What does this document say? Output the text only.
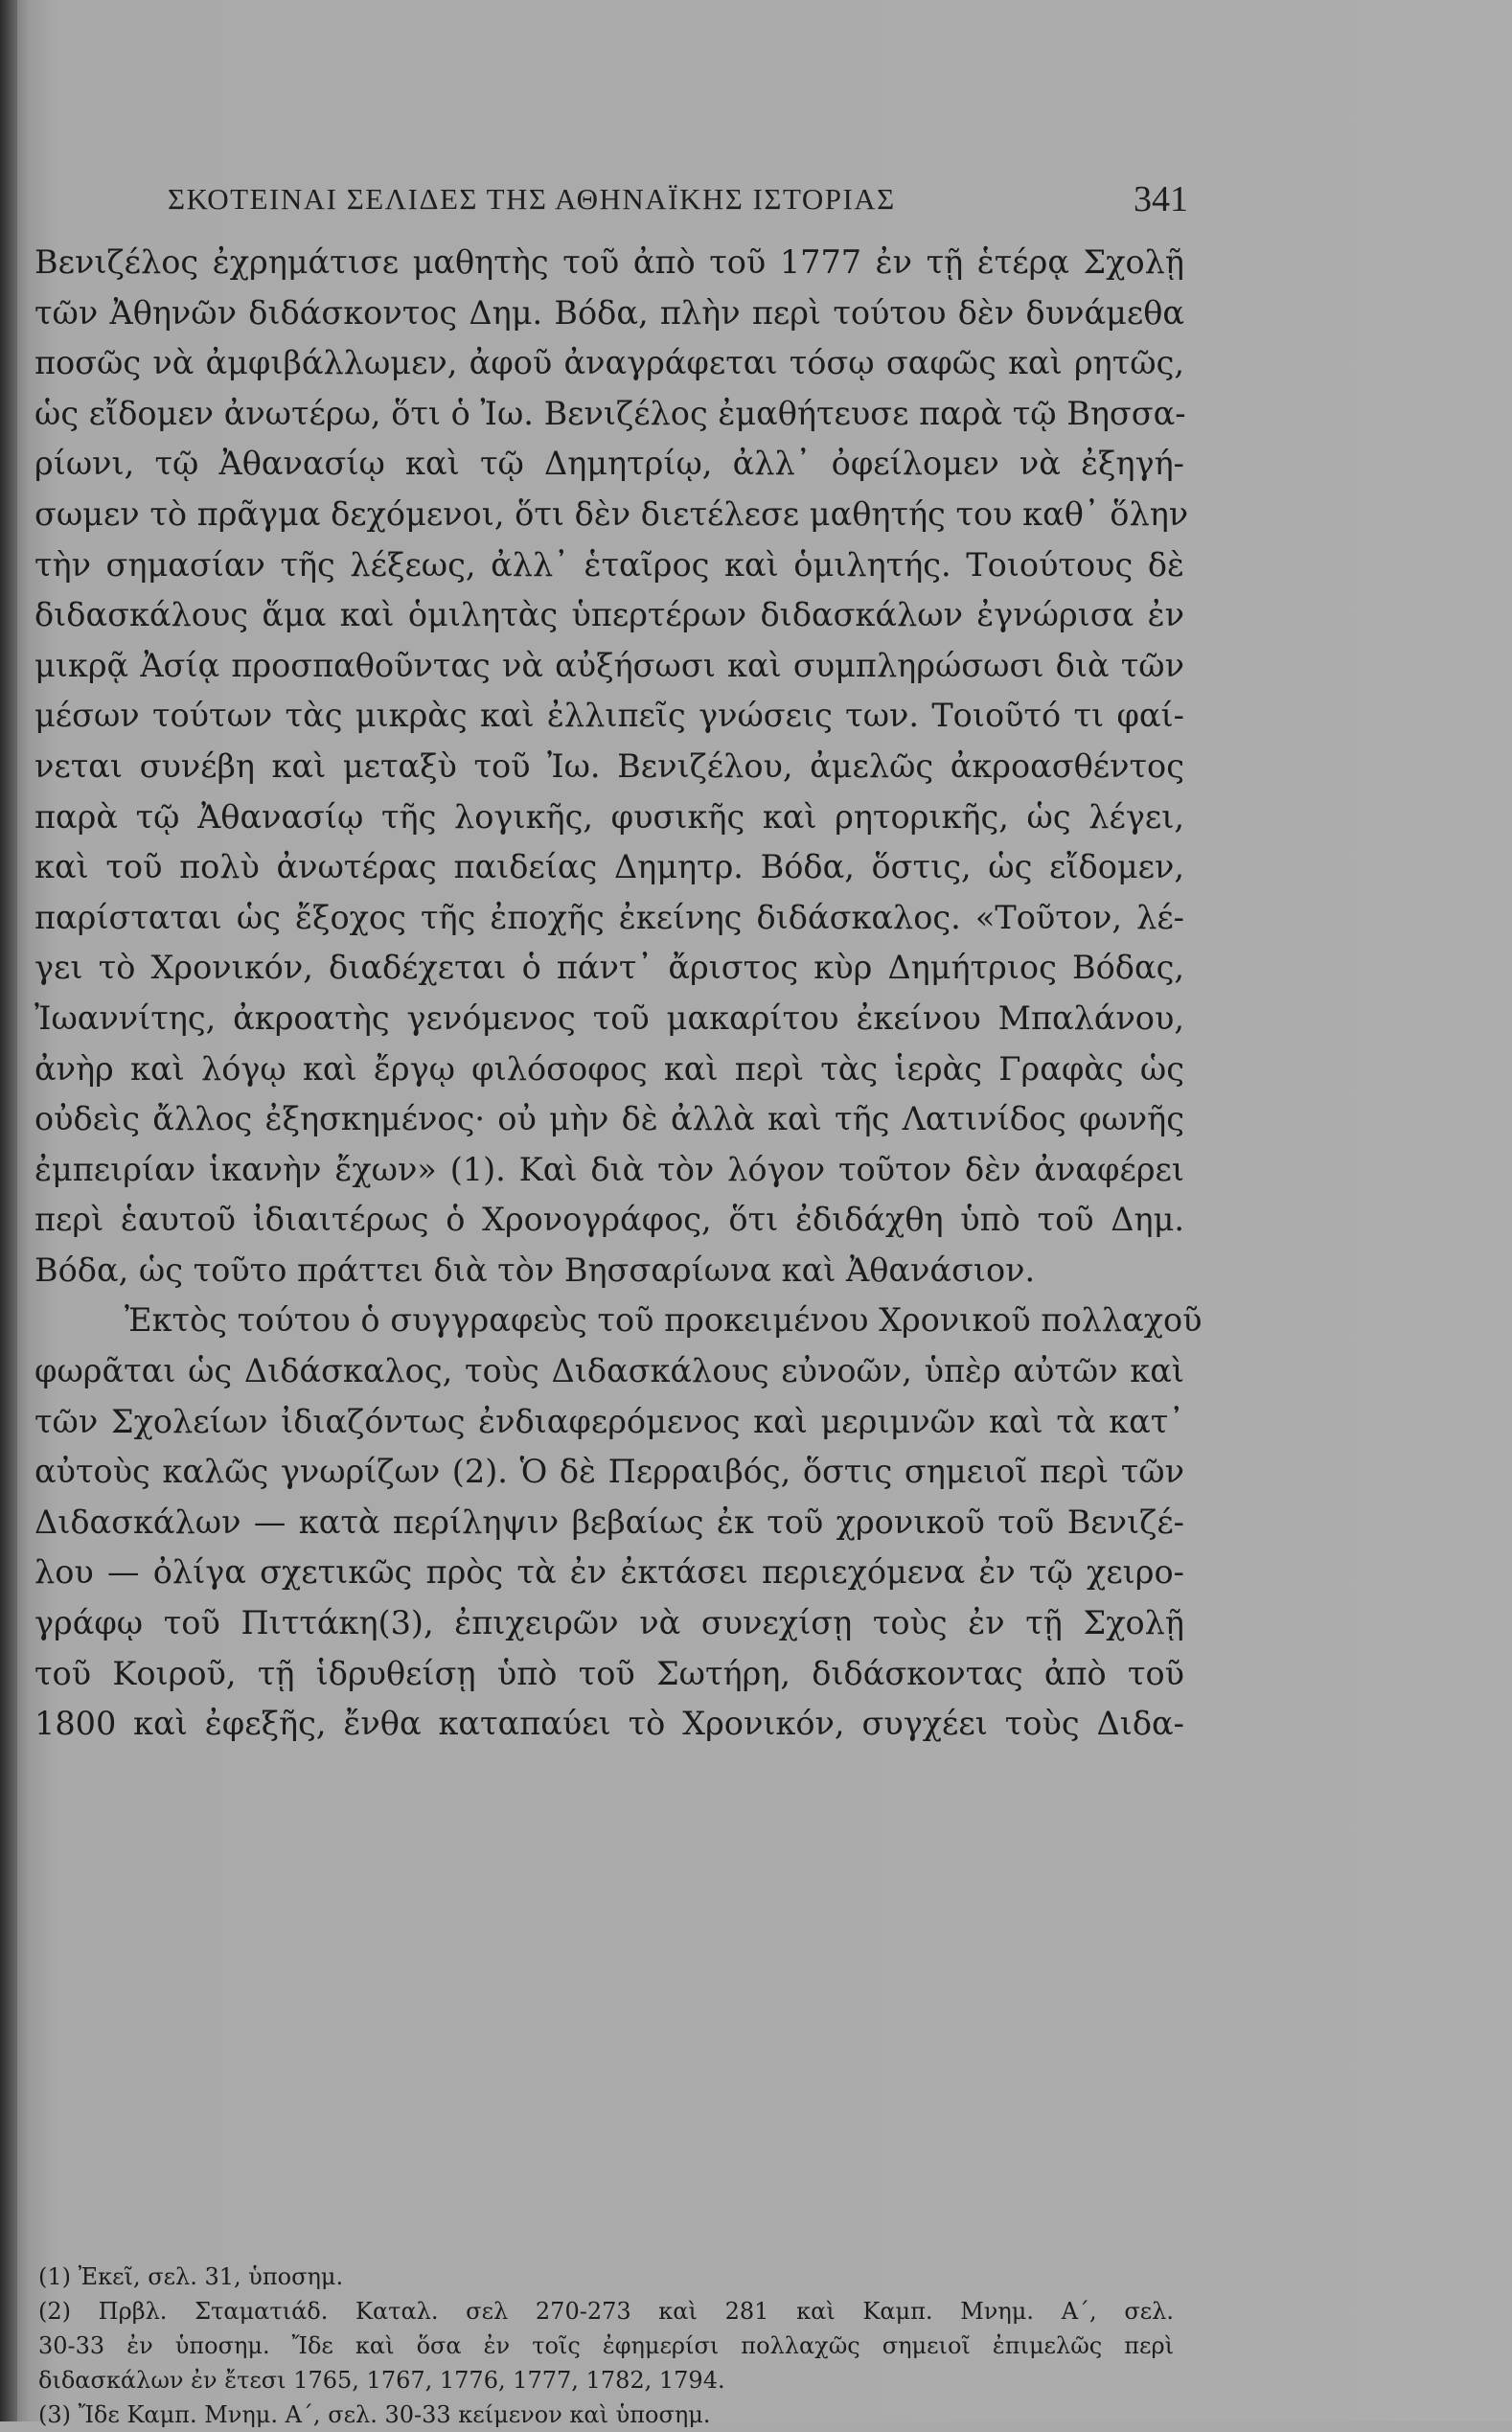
ΣΚΟΤΕΙΝΑΙ ΣΕΛΙΔΕΣ ΤΗΣ ΑΘΗΝΑΪΚΗΣ ΙΣΤΟΡΙΑΣ	341
Βενιζέλος ἐχρημάτισε μαθητὴς τοῦ ἀπὸ τοῦ 1777 ἐν τῇ ἑτέρᾳ Σχολῇ
τῶν Ἀθηνῶν διδάσκοντος Δημ. Βόδα, πλὴν περὶ τούτου δὲν δυνάμεθα
ποσῶς νὰ ἀμφιβάλλωμεν, ἀφοῦ ἀναγράφεται τόσῳ σαφῶς καὶ ρητῶς,
ὡς εἴδομεν ἀνωτέρω, ὅτι ὁ Ἰω. Βενιζέλος ἐμαθήτευσε παρὰ τῷ Βησσα-
ρίωνι, τῷ Ἀθανασίῳ καὶ τῷ Δημητρίῳ, ἀλλ᾽ ὀφείλομεν νὰ ἐξηγή-
σωμεν τὸ πρᾶγμα δεχόμενοι, ὅτι δὲν διετέλεσε μαθητής του καθ᾽ ὅλην
τὴν σημασίαν τῆς λέξεως, ἀλλ᾽ ἑταῖρος καὶ ὁμιλητής. Τοιούτους δὲ
διδασκάλους ἅμα καὶ ὁμιλητὰς ὑπερτέρων διδασκάλων ἐγνώρισα ἐν
μικρᾷ Ἀσίᾳ προσπαθοῦντας νὰ αὐξήσωσι καὶ συμπληρώσωσι διὰ τῶν
μέσων τούτων τὰς μικρὰς καὶ ἐλλιπεῖς γνώσεις των. Τοιοῦτό τι φαί-
νεται συνέβη καὶ μεταξὺ τοῦ Ἰω. Βενιζέλου, ἀμελῶς ἀκροασθέντος
παρὰ τῷ Ἀθανασίῳ τῆς λογικῆς, φυσικῆς καὶ ρητορικῆς, ὡς λέγει,
καὶ τοῦ πολὺ ἀνωτέρας παιδείας Δημητρ. Βόδα, ὅστις, ὡς εἴδομεν,
παρίσταται ὡς ἔξοχος τῆς ἐποχῆς ἐκείνης διδάσκαλος. «Τοῦτον, λέ-
γει τὸ Χρονικόν, διαδέχεται ὁ πάντ᾽ ἄριστος κὺρ Δημήτριος Βόδας,
Ἰωαννίτης, ἀκροατὴς γενόμενος τοῦ μακαρίτου ἐκείνου Μπαλάνου,
ἀνὴρ καὶ λόγῳ καὶ ἔργῳ φιλόσοφος καὶ περὶ τὰς ἱερὰς Γραφὰς ὡς
οὐδεὶς ἄλλος ἐξησκημένος· οὐ μὴν δὲ ἀλλὰ καὶ τῆς Λατινίδος φωνῆς
ἐμπειρίαν ἱκανὴν ἔχων» (1). Καὶ διὰ τὸν λόγον τοῦτον δὲν ἀναφέρει
περὶ ἑαυτοῦ ἰδιαιτέρως ὁ Χρονογράφος, ὅτι ἐδιδάχθη ὑπὸ τοῦ Δημ.
Βόδα, ὡς τοῦτο πράττει διὰ τὸν Βησσαρίωνα καὶ Ἀθανάσιον.
Ἐκτὸς τούτου ὁ συγγραφεὺς τοῦ προκειμένου Χρονικοῦ πολλαχοῦ
φωρᾶται ὡς Διδάσκαλος, τοὺς Διδασκάλους εὐνοῶν, ὑπὲρ αὐτῶν καὶ
τῶν Σχολείων ἰδιαζόντως ἐνδιαφερόμενος καὶ μεριμνῶν καὶ τὰ κατ᾽
αὐτοὺς καλῶς γνωρίζων (2). Ὁ δὲ Περραιβός, ὅστις σημειοῖ περὶ τῶν
Διδασκάλων — κατὰ περίληψιν βεβαίως ἐκ τοῦ χρονικοῦ τοῦ Βενιζέ-
λου — ὀλίγα σχετικῶς πρὸς τὰ ἐν ἐκτάσει περιεχόμενα ἐν τῷ χειρο-
γράφῳ τοῦ Πιττάκη(3), ἐπιχειρῶν νὰ συνεχίσῃ τοὺς ἐν τῇ Σχολῇ
τοῦ Κοιρoῦ, τῇ ἱδρυθείσῃ ὑπὸ τοῦ Σωτήρη, διδάσκοντας ἀπὸ τοῦ
1800 καὶ ἐφεξῆς, ἔνθα καταπαύει τὸ Χρονικόν, συγχέει τοὺς Διδα-
(1) Ἐκεῖ, σελ. 31, ὑποσημ.
(2) Πρβλ. Σταματιάδ. Καταλ. σελ 270-273 καὶ 281 καὶ Καμπ. Μνημ. Α΄, σελ.
30-33 ἐν ὑποσημ. Ἴδε καὶ ὅσα ἐν τοῖς ἐφημερίσι πολλαχῶς σημειοῖ ἐπιμελῶς περὶ
διδασκάλων ἐν ἔτεσι 1765, 1767, 1776, 1777, 1782, 1794.
(3) Ἴδε Καμπ. Μνημ. Α΄, σελ. 30-33 κείμενον καὶ ὑποσημ.
